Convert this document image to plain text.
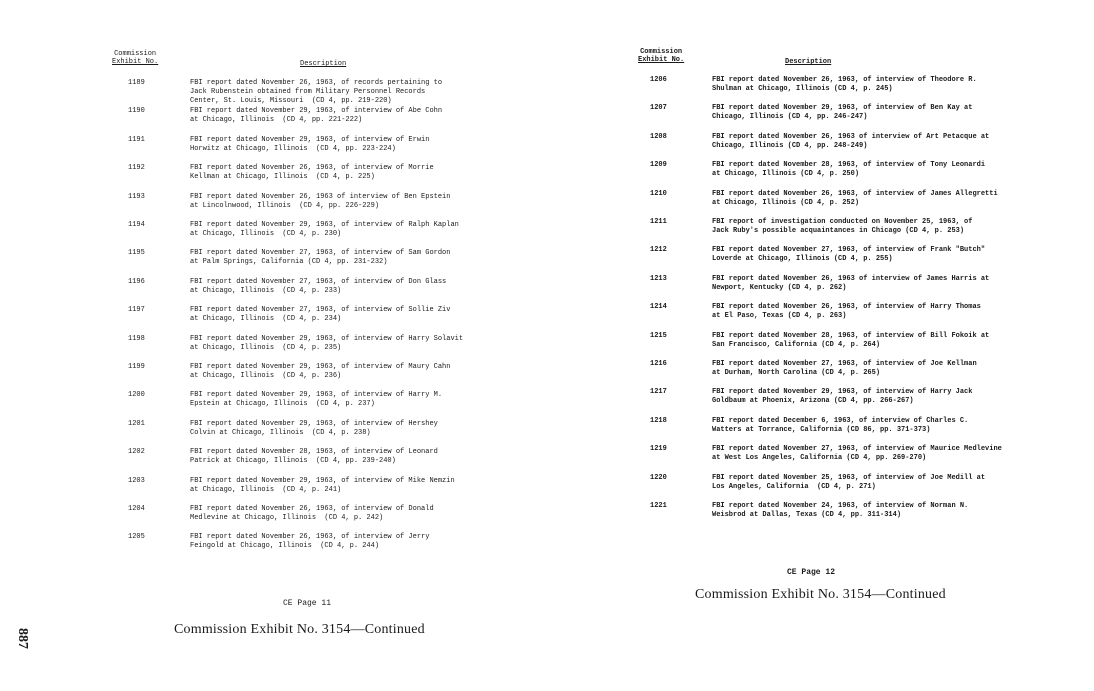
Commission
Exhibit No.	Description
1189	FBI report dated November 26, 1963, of records pertaining to
Jack Rubenstein obtained from Military Personnel Records
Center, St. Louis, Missouri  (CD 4, pp. 219-220)
1190	FBI report dated November 29, 1963, of interview of Abe Cohn
at Chicago, Illinois  (CD 4, pp. 221-222)
1191	FBI report dated November 29, 1963, of interview of Erwin
Horwitz at Chicago, Illinois  (CD 4, pp. 223-224)
1192	FBI report dated November 26, 1963, of interview of Morrie
Kellman at Chicago, Illinois  (CD 4, p. 225)
1193	FBI report dated November 26, 1963 of interview of Ben Epstein
at Lincolnwood, Illinois  (CD 4, pp. 226-229)
1194	FBI report dated November 29, 1963, of interview of Ralph Kaplan
at Chicago, Illinois  (CD 4, p. 230)
1195	FBI report dated November 27, 1963, of interview of Sam Gordon
at Palm Springs, California (CD 4, pp. 231-232)
1196	FBI report dated November 27, 1963, of interview of Don Glass
at Chicago, Illinois  (CD 4, p. 233)
1197	FBI report dated November 27, 1963, of interview of Sollie Ziv
at Chicago, Illinois  (CD 4, p. 234)
1198	FBI report dated November 29, 1963, of interview of Harry Solavit
at Chicago, Illinois  (CD 4, p. 235)
1199	FBI report dated November 29, 1963, of interview of Maury Cahn
at Chicago, Illinois  (CD 4, p. 236)
1200	FBI report dated November 29, 1963, of interview of Harry M.
Epstein at Chicago, Illinois  (CD 4, p. 237)
1201	FBI report dated November 29, 1963, of interview of Hershey
Colvin at Chicago, Illinois  (CD 4, p. 238)
1202	FBI report dated November 28, 1963, of interview of Leonard
Patrick at Chicago, Illinois  (CD 4, pp. 239-240)
1203	FBI report dated November 29, 1963, of interview of Mike Nemzin
at Chicago, Illinois  (CD 4, p. 241)
1204	FBI report dated November 26, 1963, of interview of Donald
Medlevine at Chicago, Illinois  (CD 4, p. 242)
1205	FBI report dated November 26, 1963, of interview of Jerry
Feingold at Chicago, Illinois  (CD 4, p. 244)
CE Page 11
Commission Exhibit No. 3154—Continued
Commission
Exhibit No.	Description
1206	FBI report dated November 26, 1963, of interview of Theodore R.
Shulman at Chicago, Illinois (CD 4, p. 245)
1207	FBI report dated November 29, 1963, of interview of Ben Kay at
Chicago, Illinois (CD 4, pp. 246-247)
1208	FBI report dated November 26, 1963 of interview of Art Petacque at
Chicago, Illinois (CD 4, pp. 248-249)
1209	FBI report dated November 28, 1963, of interview of Tony Leonardi
at Chicago, Illinois (CD 4, p. 250)
1210	FBI report dated November 26, 1963, of interview of James Allegretti
at Chicago, Illinois (CD 4, p. 252)
1211	FBI report of investigation conducted on November 25, 1963, of
Jack Ruby's possible acquaintances in Chicago (CD 4, p. 253)
1212	FBI report dated November 27, 1963, of interview of Frank "Butch"
Loverde at Chicago, Illinois (CD 4, p. 255)
1213	FBI report dated November 26, 1963 of interview of James Harris at
Newport, Kentucky (CD 4, p. 262)
1214	FBI report dated November 26, 1963, of interview of Harry Thomas
at El Paso, Texas (CD 4, p. 263)
1215	FBI report dated November 28, 1963, of interview of Bill Fokoik at
San Francisco, California (CD 4, p. 264)
1216	FBI report dated November 27, 1963, of interview of Joe Kellman
at Durham, North Carolina (CD 4, p. 265)
1217	FBI report dated November 29, 1963, of interview of Harry Jack
Goldbaum at Phoenix, Arizona (CD 4, pp. 266-267)
1218	FBI report dated December 6, 1963, of interview of Charles C.
Watters at Torrance, California (CD 86, pp. 371-373)
1219	FBI report dated November 27, 1963, of interview of Maurice Medlevine
at West Los Angeles, California (CD 4, pp. 269-270)
1220	FBI report dated November 25, 1963, of interview of Joe Medill at
Los Angeles, California  (CD 4, p. 271)
1221	FBI report dated November 24, 1963, of interview of Norman N.
Weisbrod at Dallas, Texas (CD 4, pp. 311-314)
CE Page 12
Commission Exhibit No. 3154—Continued
887
